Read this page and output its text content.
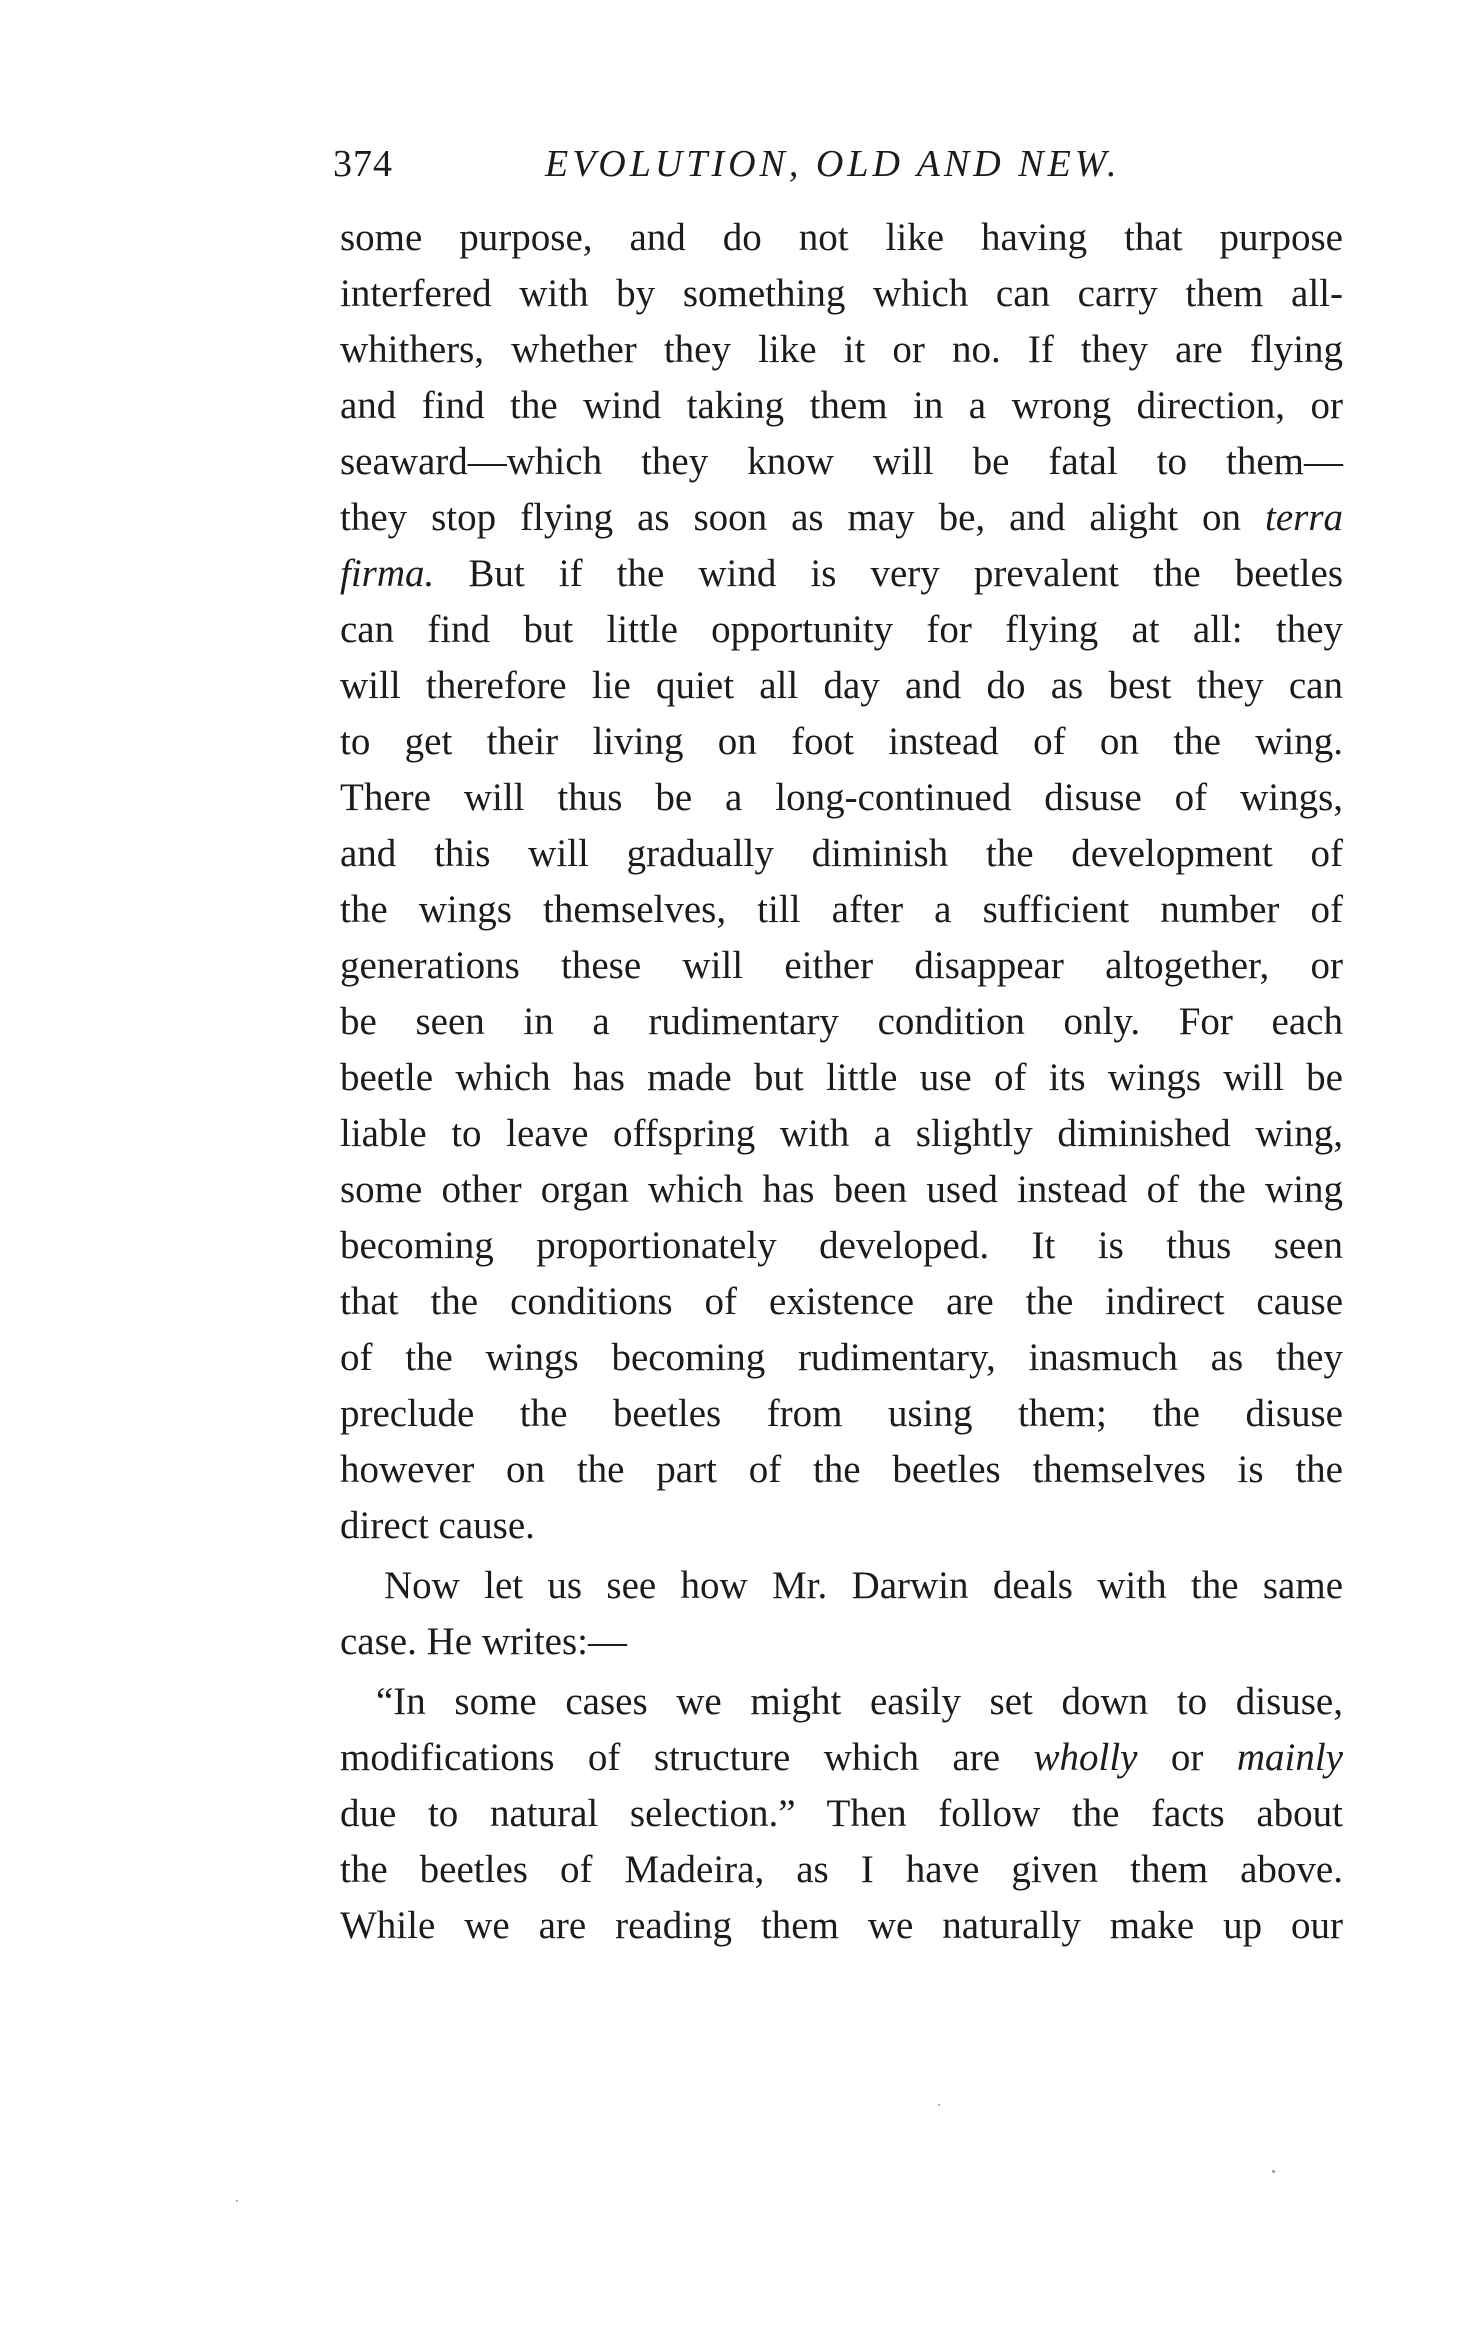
374	EVOLUTION, OLD AND NEW.
some purpose, and do not like having that purpose
interfered with by something which can carry them all-
whithers, whether they like it or no. If they are flying
and find the wind taking them in a wrong direction, or
seaward—which they know will be fatal to them—
they stop flying as soon as may be, and alight on terra
firma. But if the wind is very prevalent the beetles
can find but little opportunity for flying at all: they
will therefore lie quiet all day and do as best they can
to get their living on foot instead of on the wing.
There will thus be a long-continued disuse of wings,
and this will gradually diminish the development of
the wings themselves, till after a sufficient number of
generations these will either disappear altogether, or
be seen in a rudimentary condition only. For each
beetle which has made but little use of its wings will be
liable to leave offspring with a slightly diminished wing,
some other organ which has been used instead of the wing
becoming proportionately developed. It is thus seen
that the conditions of existence are the indirect cause
of the wings becoming rudimentary, inasmuch as they
preclude the beetles from using them; the disuse
however on the part of the beetles themselves is the
direct cause.
Now let us see how Mr. Darwin deals with the same
case. He writes:—
“In some cases we might easily set down to disuse,
modifications of structure which are wholly or mainly
due to natural selection.” Then follow the facts about
the beetles of Madeira, as I have given them above.
While we are reading them we naturally make up our
